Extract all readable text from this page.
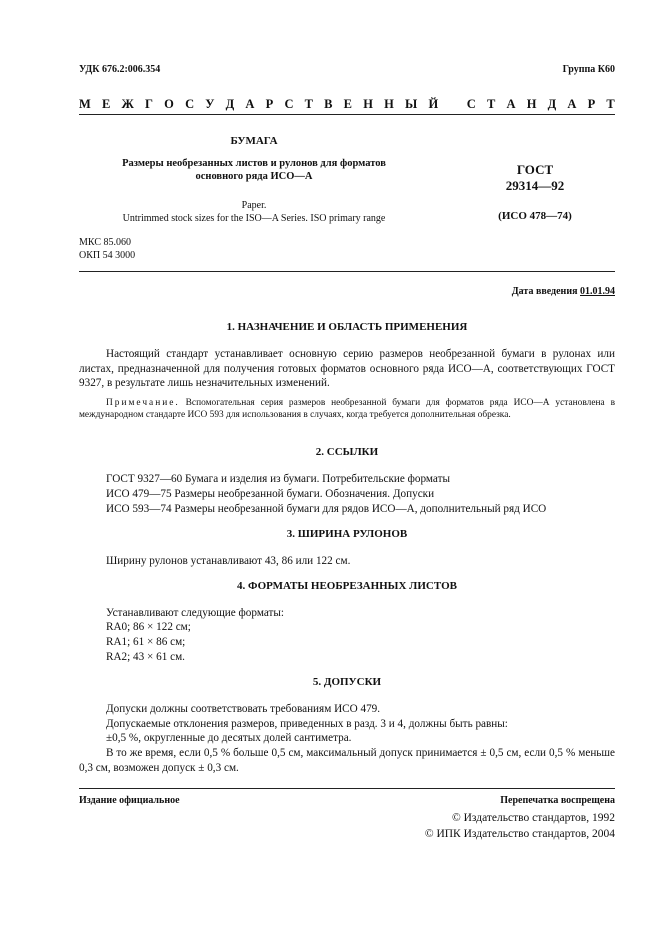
УДК 676.2:006.354	Группа К60
М Е Ж Г О С У Д А Р С Т В Е Н Н Ы Й
С Т А Н Д А Р Т
БУМАГА
Размеры необрезанных листов и рулонов для форматов
основного ряда ИСО—А
Paper.
Untrimmed stock sizes for the ISO—A Series. ISO primary range
ГОСТ
29314—92
(ИСО 478—74)
МКС 85.060
ОКП 54 3000
Дата введения 01.01.94
1. НАЗНАЧЕНИЕ И ОБЛАСТЬ ПРИМЕНЕНИЯ
Настоящий стандарт устанавливает основную серию размеров необрезанной бумаги в рулонах или листах, предназначенной для получения готовых форматов основного ряда ИСО—А, соответствующих ГОСТ 9327, в результате лишь незначительных изменений.
Примечание. Вспомогательная серия размеров необрезанной бумаги для форматов ряда ИСО—А установлена в международном стандарте ИСО 593 для использования в случаях, когда требуется дополнительная обрезка.
2. ССЫЛКИ
ГОСТ 9327—60 Бумага и изделия из бумаги. Потребительские форматы
ИСО 479—75 Размеры необрезанной бумаги. Обозначения. Допуски
ИСО 593—74 Размеры необрезанной бумаги для рядов ИСО—А, дополнительный ряд ИСО
3. ШИРИНА РУЛОНОВ
Ширину рулонов устанавливают 43, 86 или 122 см.
4. ФОРМАТЫ НЕОБРЕЗАННЫХ ЛИСТОВ
Устанавливают следующие форматы:
RA0; 86 × 122 см;
RA1; 61 × 86 см;
RA2; 43 × 61 см.
5. ДОПУСКИ
Допуски должны соответствовать требованиям ИСО 479.
Допускаемые отклонения размеров, приведенных в разд. 3 и 4, должны быть равны:
±0,5 %, округленные до десятых долей сантиметра.
В то же время, если 0,5 % больше 0,5 см, максимальный допуск принимается ± 0,5 см, если 0,5 % меньше 0,3 см, возможен допуск ± 0,3 см.
Издание официальное	Перепечатка воспрещена
© Издательство стандартов, 1992
© ИПК Издательство стандартов, 2004
